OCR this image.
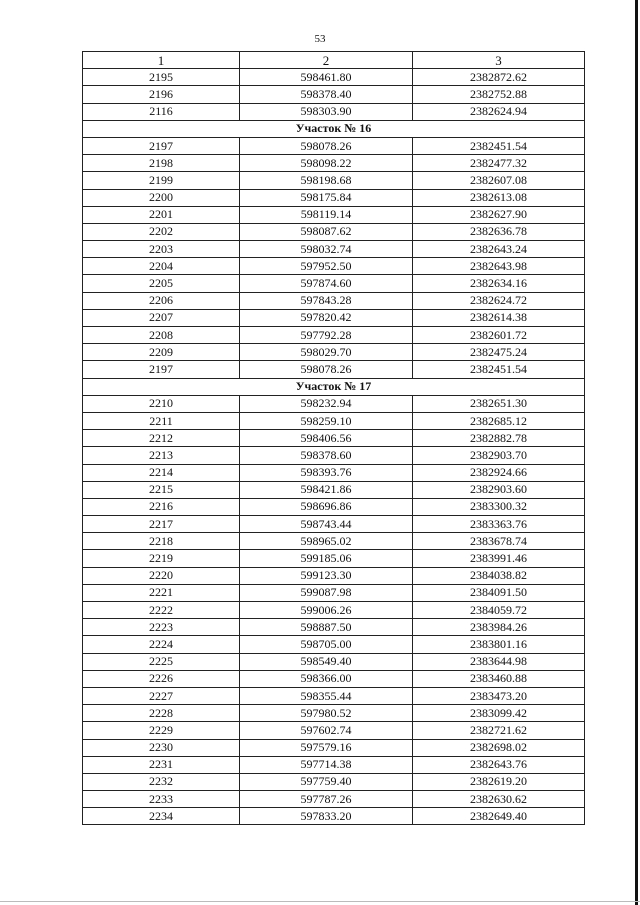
53
1	2	3
2195	598461.80	2382872.62
2196	598378.40	2382752.88
2116	598303.90	2382624.94
Участок № 16		
2197	598078.26	2382451.54
2198	598098.22	2382477.32
2199	598198.68	2382607.08
2200	598175.84	2382613.08
2201	598119.14	2382627.90
2202	598087.62	2382636.78
2203	598032.74	2382643.24
2204	597952.50	2382643.98
2205	597874.60	2382634.16
2206	597843.28	2382624.72
2207	597820.42	2382614.38
2208	597792.28	2382601.72
2209	598029.70	2382475.24
2197	598078.26	2382451.54
Участок № 17		
2210	598232.94	2382651.30
2211	598259.10	2382685.12
2212	598406.56	2382882.78
2213	598378.60	2382903.70
2214	598393.76	2382924.66
2215	598421.86	2382903.60
2216	598696.86	2383300.32
2217	598743.44	2383363.76
2218	598965.02	2383678.74
2219	599185.06	2383991.46
2220	599123.30	2384038.82
2221	599087.98	2384091.50
2222	599006.26	2384059.72
2223	598887.50	2383984.26
2224	598705.00	2383801.16
2225	598549.40	2383644.98
2226	598366.00	2383460.88
2227	598355.44	2383473.20
2228	597980.52	2383099.42
2229	597602.74	2382721.62
2230	597579.16	2382698.02
2231	597714.38	2382643.76
2232	597759.40	2382619.20
2233	597787.26	2382630.62
2234	597833.20	2382649.40
